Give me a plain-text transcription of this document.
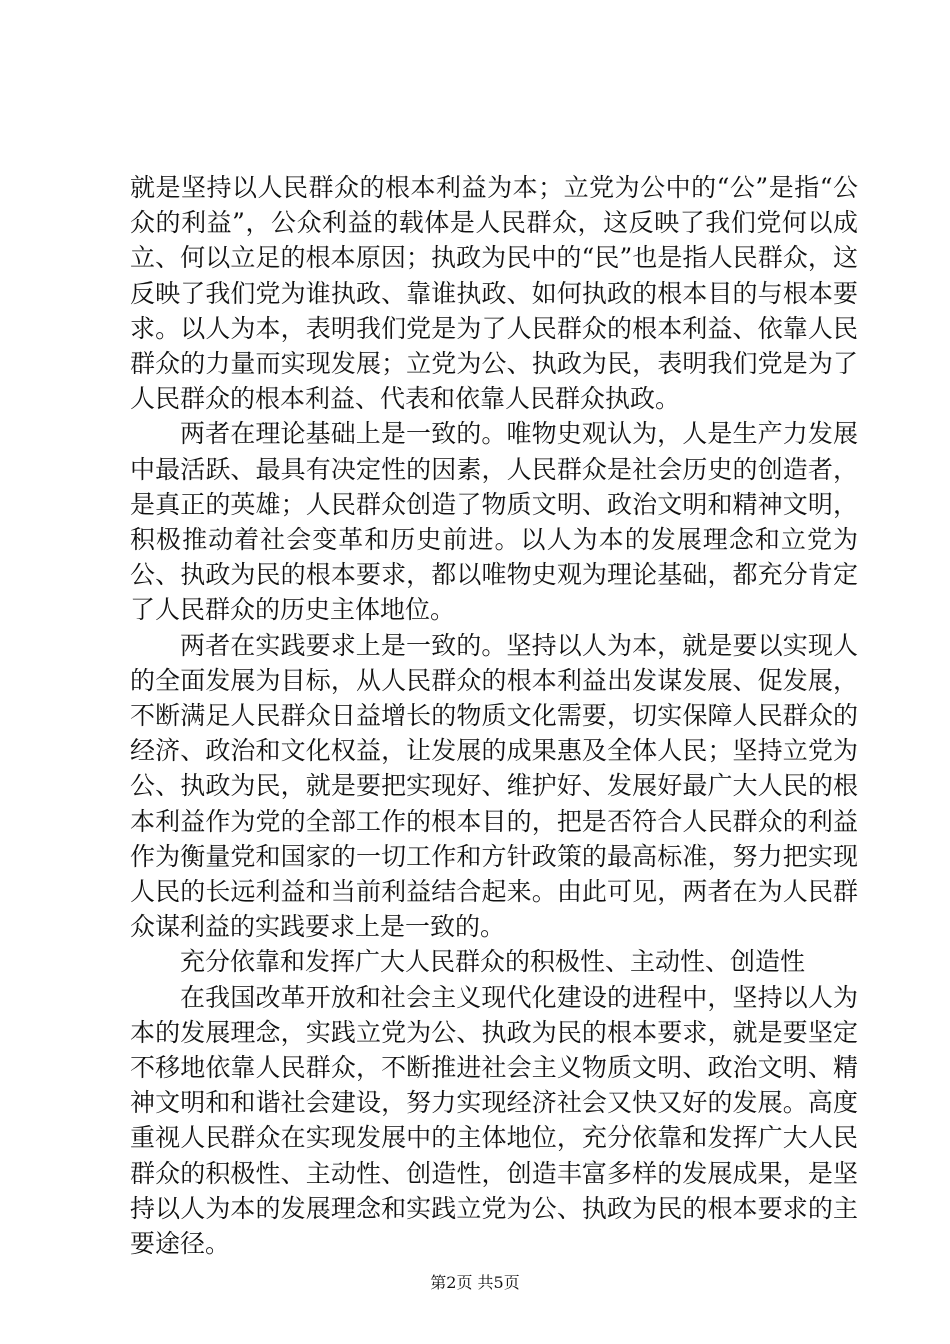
就是坚持以人民群众的根本利益为本；立党为公中的“公”是指“公众的利益”，公众利益的载体是人民群众，这反映了我们党何以成立、何以立足的根本原因；执政为民中的“民”也是指人民群众，这反映了我们党为谁执政、靠谁执政、如何执政的根本目的与根本要求。以人为本，表明我们党是为了人民群众的根本利益、依靠人民群众的力量而实现发展；立党为公、执政为民，表明我们党是为了人民群众的根本利益、代表和依靠人民群众执政。

两者在理论基础上是一致的。唯物史观认为，人是生产力发展中最活跃、最具有决定性的因素，人民群众是社会历史的创造者，是真正的英雄；人民群众创造了物质文明、政治文明和精神文明，积极推动着社会变革和历史前进。以人为本的发展理念和立党为公、执政为民的根本要求，都以唯物史观为理论基础，都充分肯定了人民群众的历史主体地位。

两者在实践要求上是一致的。坚持以人为本，就是要以实现人的全面发展为目标，从人民群众的根本利益出发谋发展、促发展，不断满足人民群众日益增长的物质文化需要，切实保障人民群众的经济、政治和文化权益，让发展的成果惠及全体人民；坚持立党为公、执政为民，就是要把实现好、维护好、发展好最广大人民的根本利益作为党的全部工作的根本目的，把是否符合人民群众的利益作为衡量党和国家的一切工作和方针政策的最高标准，努力把实现人民的长远利益和当前利益结合起来。由此可见，两者在为人民群众谋利益的实践要求上是一致的。

充分依靠和发挥广大人民群众的积极性、主动性、创造性

在我国改革开放和社会主义现代化建设的进程中，坚持以人为本的发展理念，实践立党为公、执政为民的根本要求，就是要坚定不移地依靠人民群众，不断推进社会主义物质文明、政治文明、精神文明和和谐社会建设，努力实现经济社会又快又好的发展。高度重视人民群众在实现发展中的主体地位，充分依靠和发挥广大人民群众的积极性、主动性、创造性，创造丰富多样的发展成果，是坚持以人为本的发展理念和实践立党为公、执政为民的根本要求的主要途径。

第2页 共5页
